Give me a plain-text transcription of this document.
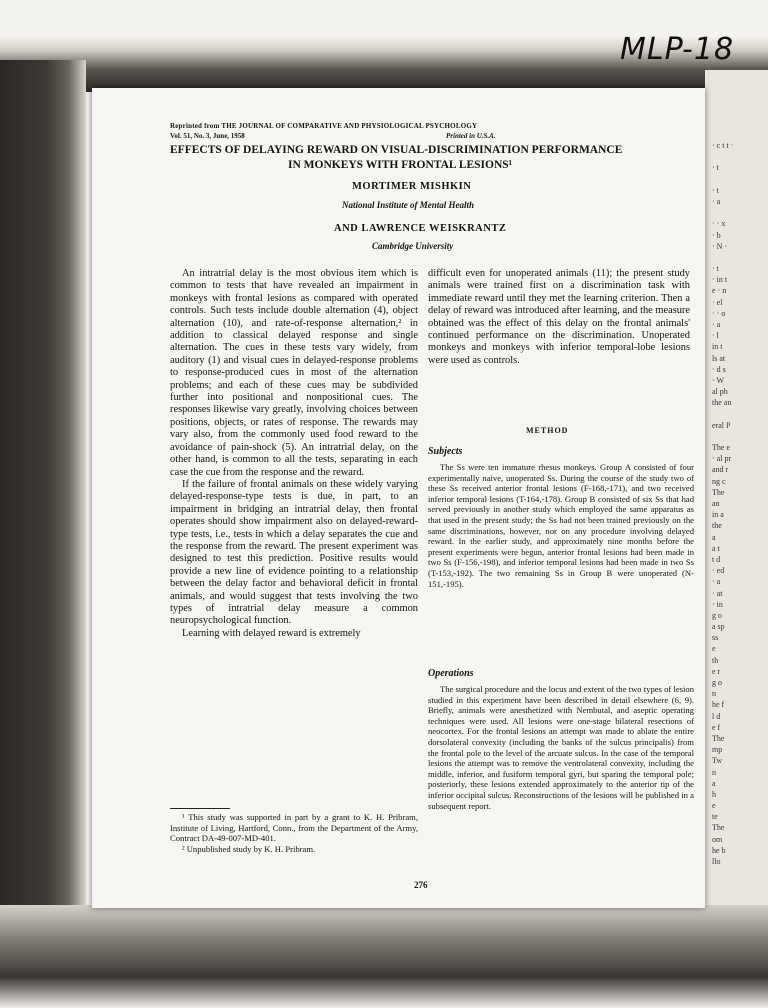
MLP-18
Reprinted from THE JOURNAL OF COMPARATIVE AND PHYSIOLOGICAL PSYCHOLOGY
Vol. 51, No. 3, June, 1958	Printed in U.S.A.
EFFECTS OF DELAYING REWARD ON VISUAL-DISCRIMINATION PERFORMANCE
IN MONKEYS WITH FRONTAL LESIONS¹
MORTIMER MISHKIN
National Institute of Mental Health
AND LAWRENCE WEISKRANTZ
Cambridge University

An intratrial delay is the most obvious item which is common to tests that have revealed an impairment in monkeys with frontal lesions as compared with operated controls. Such tests include double alternation (4), object alternation (10), and rate-of-response alternation,² in addition to classical delayed response and single alternation. The cues in these tests vary widely, from auditory (1) and visual cues in delayed-response problems to response-produced cues in most of the alternation problems; and each of these cues may be subdivided further into positional and nonpositional cues. The responses likewise vary greatly, involving choices between positions, objects, or rates of response. The rewards may vary also, from the commonly used food reward to the avoidance of pain-shock (5). An intratrial delay, on the other hand, is common to all the tests, separating in each case the cue from the response and the reward.

If the failure of frontal animals on these widely varying delayed-response-type tests is due, in part, to an impairment in bridging an intratrial delay, then frontal operates should show impairment also on delayed-reward-type tests, i.e., tests in which a delay separates the cue and the response from the reward. The present experiment was designed to test this prediction. Positive results would provide a new line of evidence pointing to a relationship between the delay factor and behavioral deficit in frontal animals, and would suggest that tests involving the two types of intratrial delay measure a common neuropsychological function.

Learning with delayed reward is extremely

difficult even for unoperated animals (11); the present study animals were trained first on a discrimination task with immediate reward until they met the learning criterion. Then a delay of reward was introduced after learning, and the measure obtained was the effect of this delay on the frontal animals' continued performance on the discrimination. Unoperated monkeys and monkeys with inferior temporal-lobe lesions were used as controls.

METHOD
Subjects

The Ss were ten immature rhesus monkeys. Group A consisted of four experimentally naive, unoperated Ss. During the course of the study two of these Ss received anterior frontal lesions (F-168,-171), and two received inferior temporal lesions (T-164,-178). Group B consisted of six Ss that had served previously in another study which employed the same apparatus as that used in the present study; the Ss had not been trained previously on the same discriminations, however, nor on any procedure involving delayed reward. In the earlier study, and approximately nine months before the present experiments were begun, anterior frontal lesions had been made in two Ss (F-156,-198), and inferior temporal lesions had been made in two Ss (T-153,-192). The two remaining Ss in Group B were unoperated (N-151,-195).

Operations

The surgical procedure and the locus and extent of the two types of lesion studied in this experiment have been described in detail elsewhere (6, 9). Briefly, animals were anesthetized with Nembutal, and aseptic operating techniques were used. All lesions were one-stage bilateral resections of neocortex. For the frontal lesions an attempt was made to ablate the entire dorsolateral convexity (including the banks of the sulcus principalis) from the frontal pole to the level of the arcuate sulcus. In the case of the temporal lesions the attempt was to remove the ventrolateral convexity, including the middle, inferior, and fusiform temporal gyri, but sparing the temporal pole; posteriorly, these lesions extended approximately to the anterior tip of the inferior occipital sulcus. Reconstructions of the lesions will be published in a subsequent report.

¹ This study was supported in part by a grant to K. H. Pribram, Institute of Living, Hartford, Conn., from the Department of the Army, Contract DA-49-007-MD-401.

² Unpublished study by K. H. Pribram.

276
· c t t ·
· t
· t
· a
· · x
· b
· N ·
· t
· in t
e · n
· el
· · o
· a
· l
in t
ls at
· d s
· W
al ph
the an
eral P
The e
· al pr
and r
ng c
The
an
in a
the
a
a t
t d
· ed
· a
· at
· in
g o
a sp
ss
e
th
e r
g o
n
he f
l d
e f
The
mp
Tw
n
a
h
e
te
The
om
he b
llo
